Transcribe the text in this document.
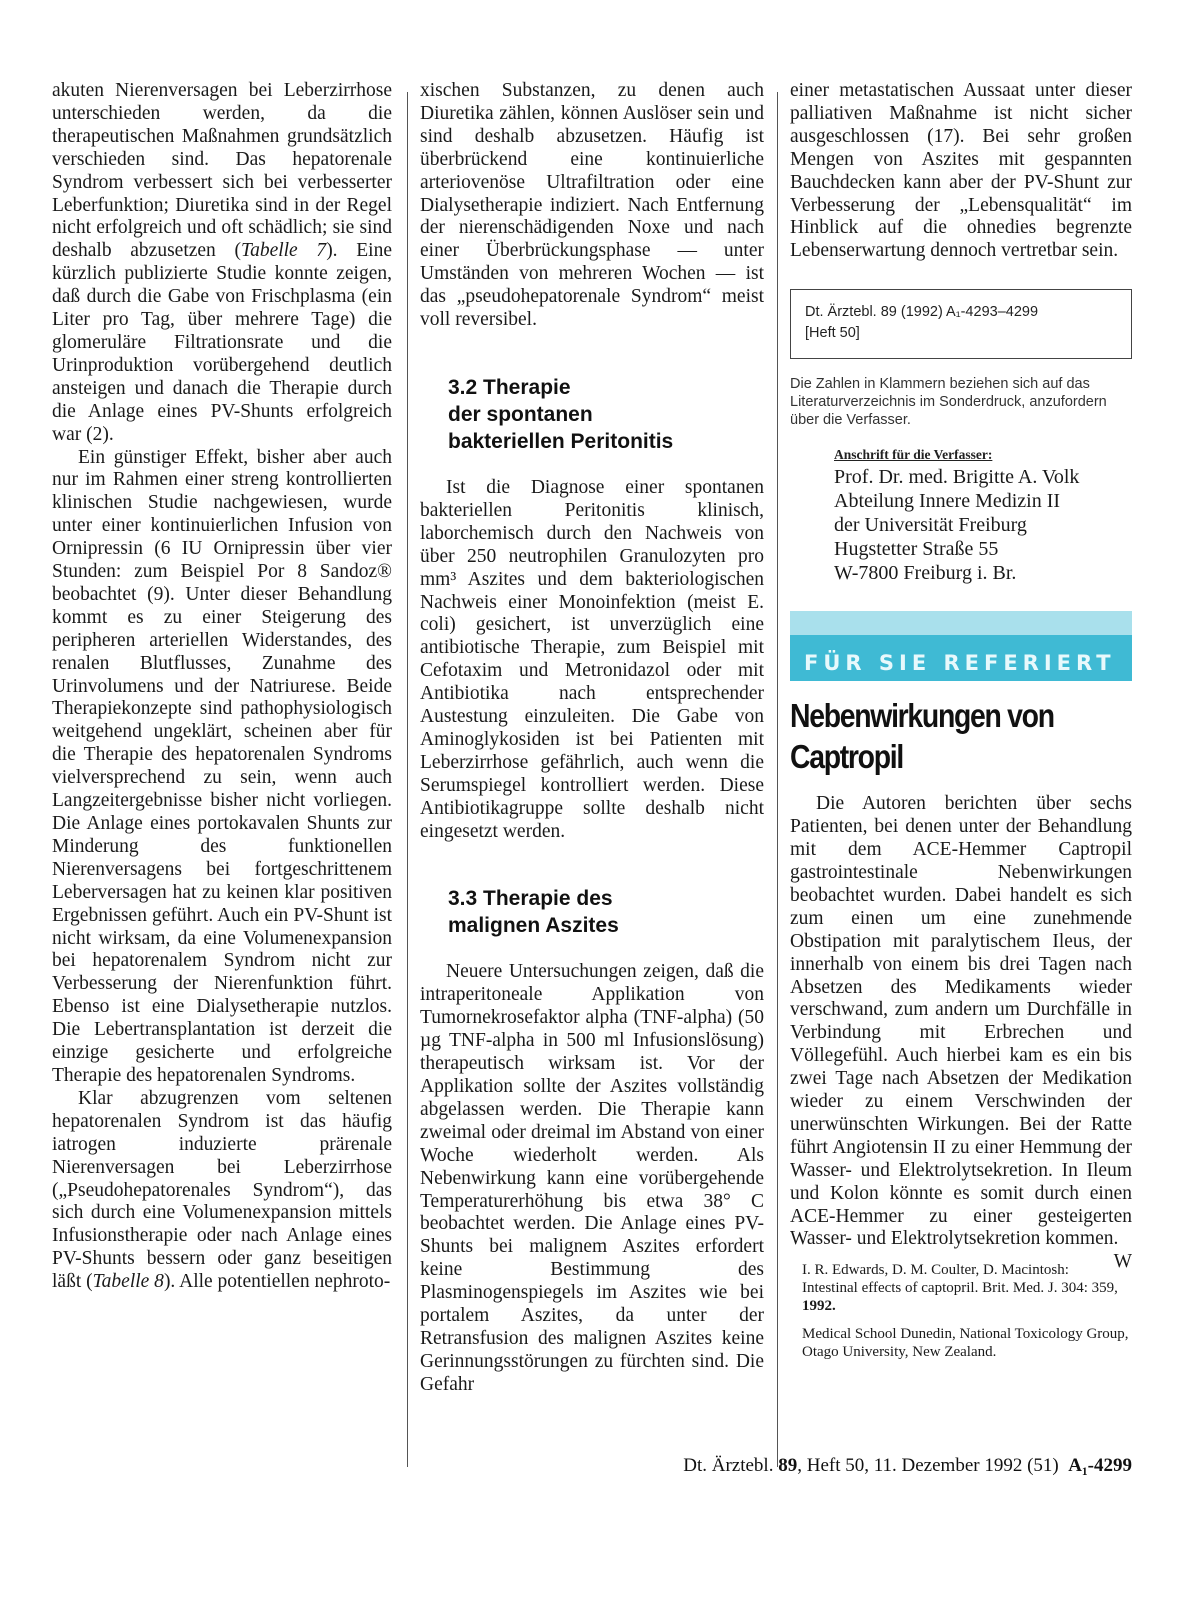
akuten Nierenversagen bei Leberzirrhose unterschieden werden, da die therapeutischen Maßnahmen grundsätzlich verschieden sind. Das hepatorenale Syndrom verbessert sich bei verbesserter Leberfunktion; Diuretika sind in der Regel nicht erfolgreich und oft schädlich; sie sind deshalb abzusetzen (Tabelle 7). Eine kürzlich publizierte Studie konnte zeigen, daß durch die Gabe von Frischplasma (ein Liter pro Tag, über mehrere Tage) die glomeruläre Filtrationsrate und die Urinproduktion vorübergehend deutlich ansteigen und danach die Therapie durch die Anlage eines PV-Shunts erfolgreich war (2).

Ein günstiger Effekt, bisher aber auch nur im Rahmen einer streng kontrollierten klinischen Studie nachgewiesen, wurde unter einer kontinuierlichen Infusion von Ornipressin (6 IU Ornipressin über vier Stunden: zum Beispiel Por 8 Sandoz® beobachtet (9). Unter dieser Behandlung kommt es zu einer Steigerung des peripheren arteriellen Widerstandes, des renalen Blutflusses, Zunahme des Urinvolumens und der Natriurese. Beide Therapiekonzepte sind pathophysiologisch weitgehend ungeklärt, scheinen aber für die Therapie des hepatorenalen Syndroms vielversprechend zu sein, wenn auch Langzeitergebnisse bisher nicht vorliegen. Die Anlage eines portokavalen Shunts zur Minderung des funktionellen Nierenversagens bei fortgeschrittenem Leberversagen hat zu keinen klar positiven Ergebnissen geführt. Auch ein PV-Shunt ist nicht wirksam, da eine Volumenexpansion bei hepatorenalem Syndrom nicht zur Verbesserung der Nierenfunktion führt. Ebenso ist eine Dialysetherapie nutzlos. Die Lebertransplantation ist derzeit die einzige gesicherte und erfolgreiche Therapie des hepatorenalen Syndroms.

Klar abzugrenzen vom seltenen hepatorenalen Syndrom ist das häufig iatrogen induzierte prärenale Nierenversagen bei Leberzirrhose („Pseudohepatorenales Syndrom“), das sich durch eine Volumenexpansion mittels Infusionstherapie oder nach Anlage eines PV-Shunts bessern oder ganz beseitigen läßt (Tabelle 8). Alle potentiellen nephroto-

xischen Substanzen, zu denen auch Diuretika zählen, können Auslöser sein und sind deshalb abzusetzen. Häufig ist überbrückend eine kontinuierliche arteriovenöse Ultrafiltration oder eine Dialysetherapie indiziert. Nach Entfernung der nierenschädigenden Noxe und nach einer Überbrückungsphase — unter Umständen von mehreren Wochen — ist das „pseudohepatorenale Syndrom“ meist voll reversibel.

3.2 Therapie
der spontanen
bakteriellen Peritonitis

Ist die Diagnose einer spontanen bakteriellen Peritonitis klinisch, laborchemisch durch den Nachweis von über 250 neutrophilen Granulozyten pro mm³ Aszites und dem bakteriologischen Nachweis einer Monoinfektion (meist E. coli) gesichert, ist unverzüglich eine antibiotische Therapie, zum Beispiel mit Cefotaxim und Metronidazol oder mit Antibiotika nach entsprechender Austestung einzuleiten. Die Gabe von Aminoglykosiden ist bei Patienten mit Leberzirrhose gefährlich, auch wenn die Serumspiegel kontrolliert werden. Diese Antibiotikagruppe sollte deshalb nicht eingesetzt werden.

3.3 Therapie des
malignen Aszites

Neuere Untersuchungen zeigen, daß die intraperitoneale Applikation von Tumornekrosefaktor alpha (TNF-alpha) (50 µg TNF-alpha in 500 ml Infusionslösung) therapeutisch wirksam ist. Vor der Applikation sollte der Aszites vollständig abgelassen werden. Die Therapie kann zweimal oder dreimal im Abstand von einer Woche wiederholt werden. Als Nebenwirkung kann eine vorübergehende Temperaturerhöhung bis etwa 38° C beobachtet werden. Die Anlage eines PV-Shunts bei malignem Aszites erfordert keine Bestimmung des Plasminogenspiegels im Aszites wie bei portalem Aszites, da unter der Retransfusion des malignen Aszites keine Gerinnungsstörungen zu fürchten sind. Die Gefahr

einer metastatischen Aussaat unter dieser palliativen Maßnahme ist nicht sicher ausgeschlossen (17). Bei sehr großen Mengen von Aszites mit gespannten Bauchdecken kann aber der PV-Shunt zur Verbesserung der „Lebensqualität“ im Hinblick auf die ohnedies begrenzte Lebenserwartung dennoch vertretbar sein.

Dt. Ärztebl. 89 (1992) A₁-4293–4299
[Heft 50]

Die Zahlen in Klammern beziehen sich auf das Literaturverzeichnis im Sonderdruck, anzufordern über die Verfasser.

Anschrift für die Verfasser:
Prof. Dr. med. Brigitte A. Volk
Abteilung Innere Medizin II
der Universität Freiburg
Hugstetter Straße 55
W-7800 Freiburg i. Br.
FÜR SIE REFERIERT
Nebenwirkungen von
Captropil

Die Autoren berichten über sechs Patienten, bei denen unter der Behandlung mit dem ACE-Hemmer Captropil gastrointestinale Nebenwirkungen beobachtet wurden. Dabei handelt es sich zum einen um eine zunehmende Obstipation mit paralytischem Ileus, der innerhalb von einem bis drei Tagen nach Absetzen des Medikaments wieder verschwand, zum andern um Durchfälle in Verbindung mit Erbrechen und Völlegefühl. Auch hierbei kam es ein bis zwei Tage nach Absetzen der Medikation wieder zu einem Verschwinden der unerwünschten Wirkungen. Bei der Ratte führt Angiotensin II zu einer Hemmung der Wasser- und Elektrolytsekretion. In Ileum und Kolon könnte es somit durch einen ACE-Hemmer zu einer gesteigerten Wasser- und Elektrolytsekretion kommen.
W

I. R. Edwards, D. M. Coulter, D. Macintosh: Intestinal effects of captopril. Brit. Med. J. 304: 359, 1992.

Medical School Dunedin, National Toxicology Group, Otago University, New Zealand.

Dt. Ärztebl. 89, Heft 50, 11. Dezember 1992 (51)  A₁-4299
